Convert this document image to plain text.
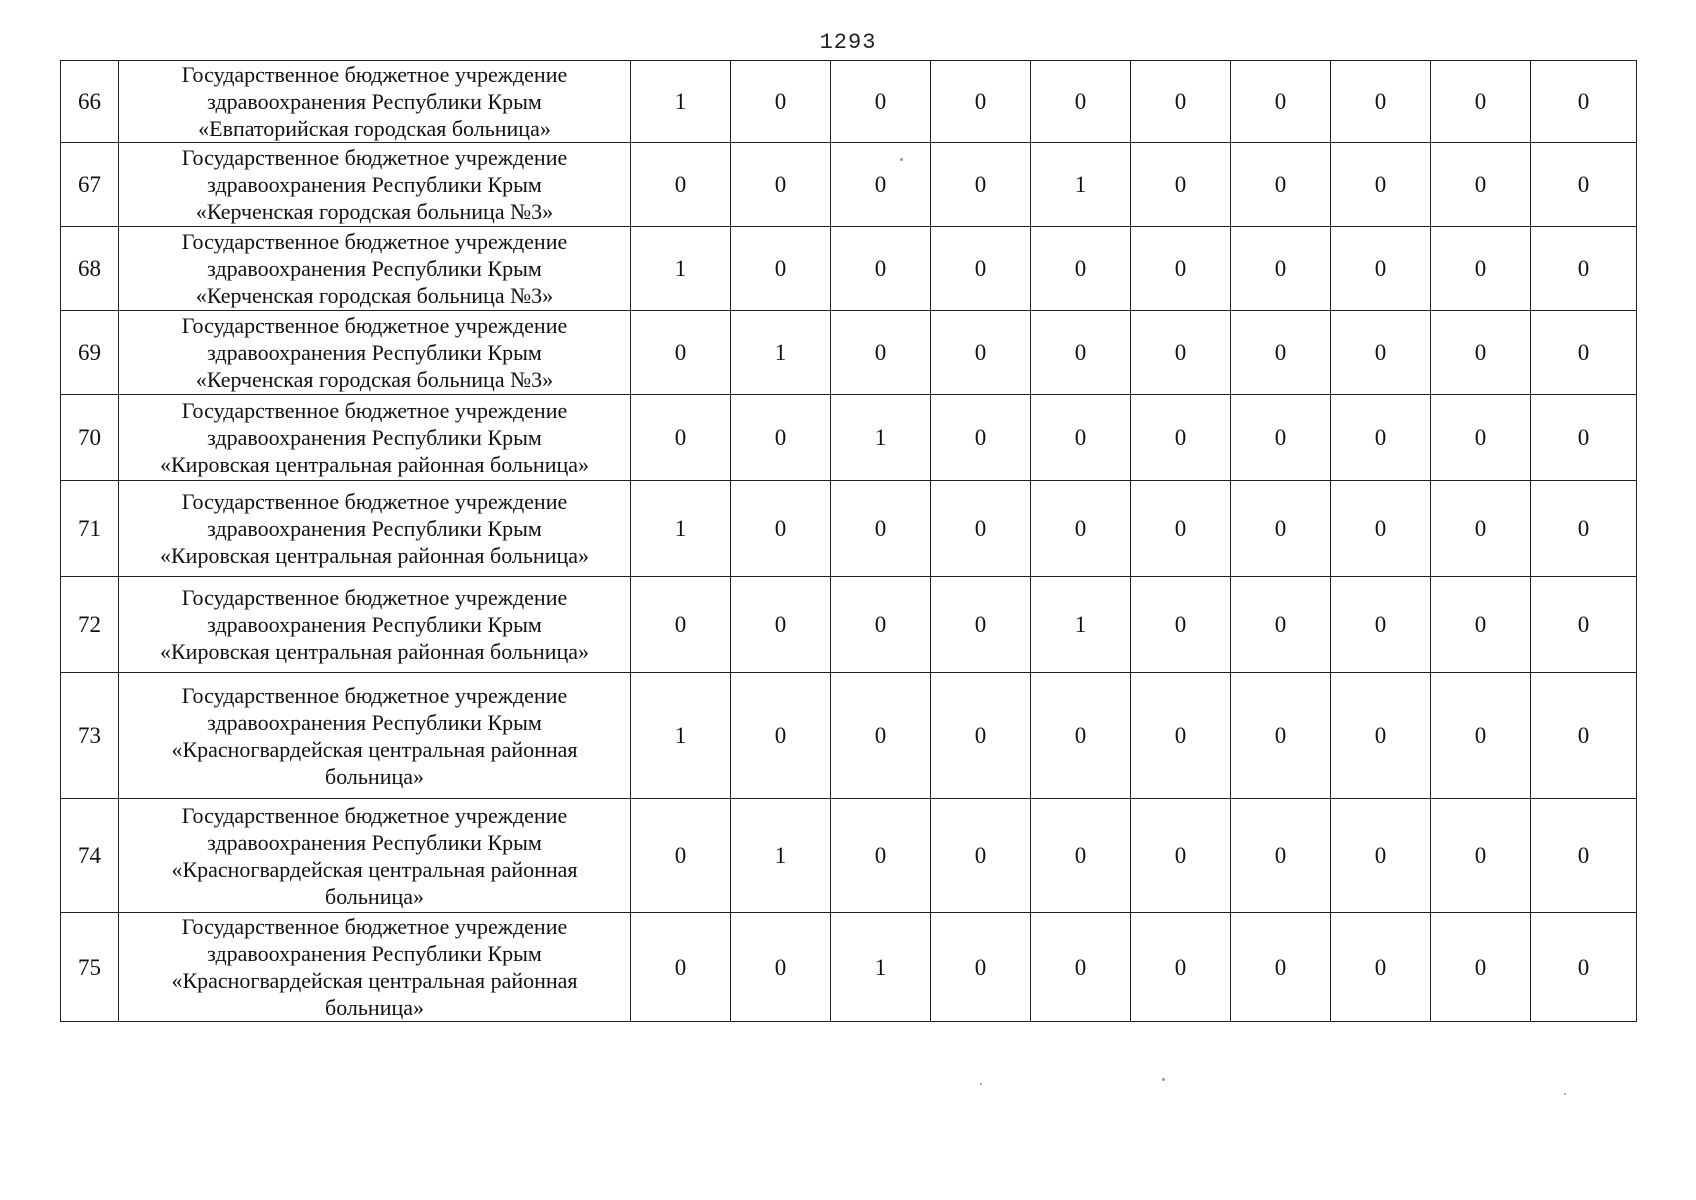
1293
66	Государственное бюджетное учреждение
здравоохранения Республики Крым
«Евпаторийская городская больница»	1	0	0	0	0	0	0	0	0	0
67	Государственное бюджетное учреждение
здравоохранения Республики Крым
«Керченская городская больница №3»	0	0	0	0	1	0	0	0	0	0
68	Государственное бюджетное учреждение
здравоохранения Республики Крым
«Керченская городская больница №3»	1	0	0	0	0	0	0	0	0	0
69	Государственное бюджетное учреждение
здравоохранения Республики Крым
«Керченская городская больница №3»	0	1	0	0	0	0	0	0	0	0
70	Государственное бюджетное учреждение
здравоохранения Республики Крым
«Кировская центральная районная больница»	0	0	1	0	0	0	0	0	0	0
71	Государственное бюджетное учреждение
здравоохранения Республики Крым
«Кировская центральная районная больница»	1	0	0	0	0	0	0	0	0	0
72	Государственное бюджетное учреждение
здравоохранения Республики Крым
«Кировская центральная районная больница»	0	0	0	0	1	0	0	0	0	0
73	Государственное бюджетное учреждение
здравоохранения Республики Крым
«Красногвардейская центральная районная
больница»	1	0	0	0	0	0	0	0	0	0
74	Государственное бюджетное учреждение
здравоохранения Республики Крым
«Красногвардейская центральная районная
больница»	0	1	0	0	0	0	0	0	0	0
75	Государственное бюджетное учреждение
здравоохранения Республики Крым
«Красногвардейская центральная районная
больница»	0	0	1	0	0	0	0	0	0	0
